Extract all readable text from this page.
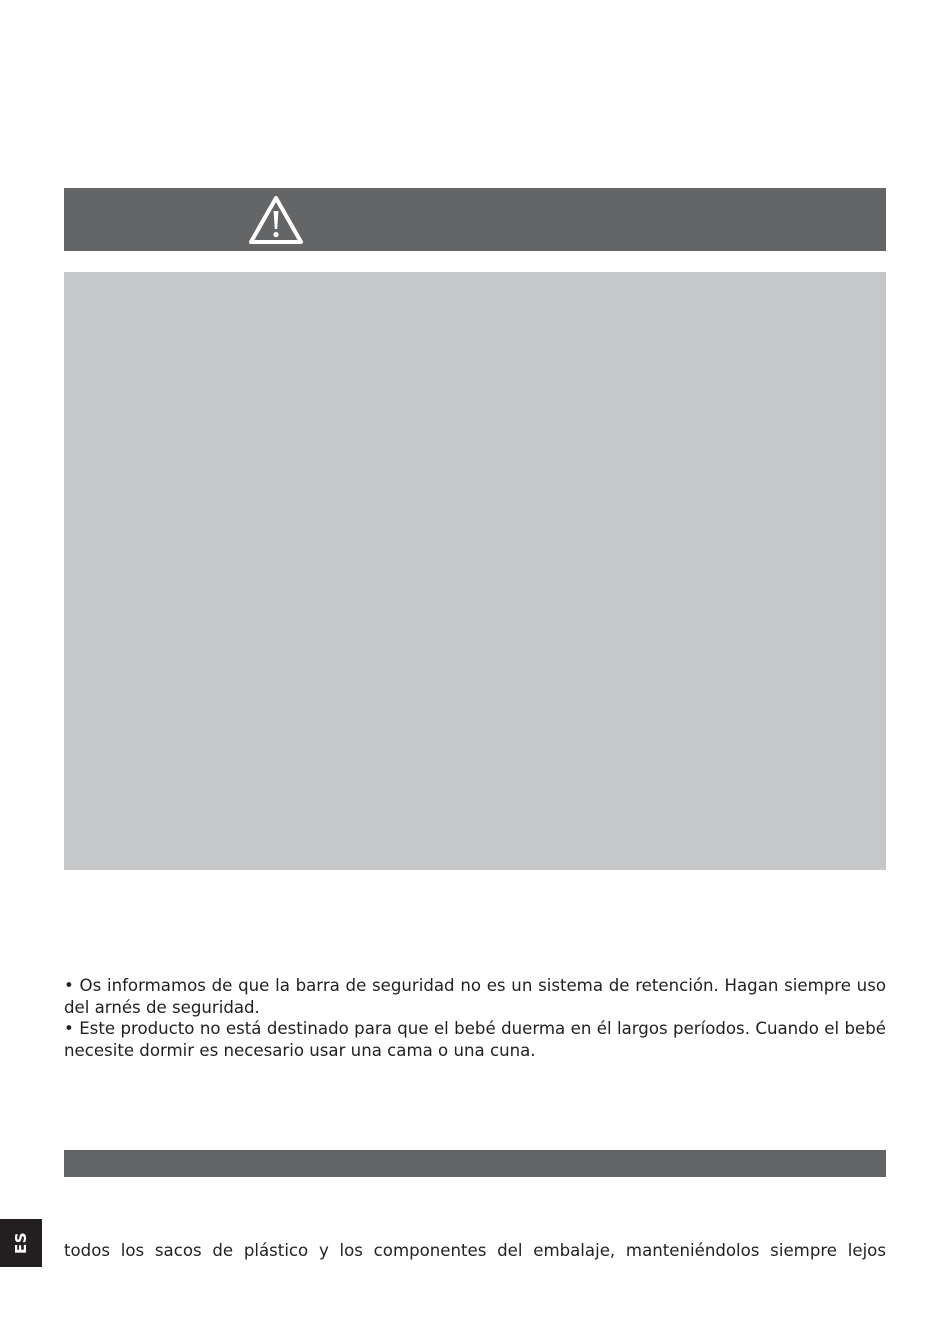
• Os informamos de que la barra de seguridad no es un sistema de retención. Hagan siempre uso del arnés de seguridad.

• Este producto no está destinado para que el bebé duerma en él largos períodos. Cuando el bebé necesite dormir es necesario usar una cama o una cuna.

ES todos los sacos de plástico y los componentes del embalaje, manteniéndolos siempre lejos
